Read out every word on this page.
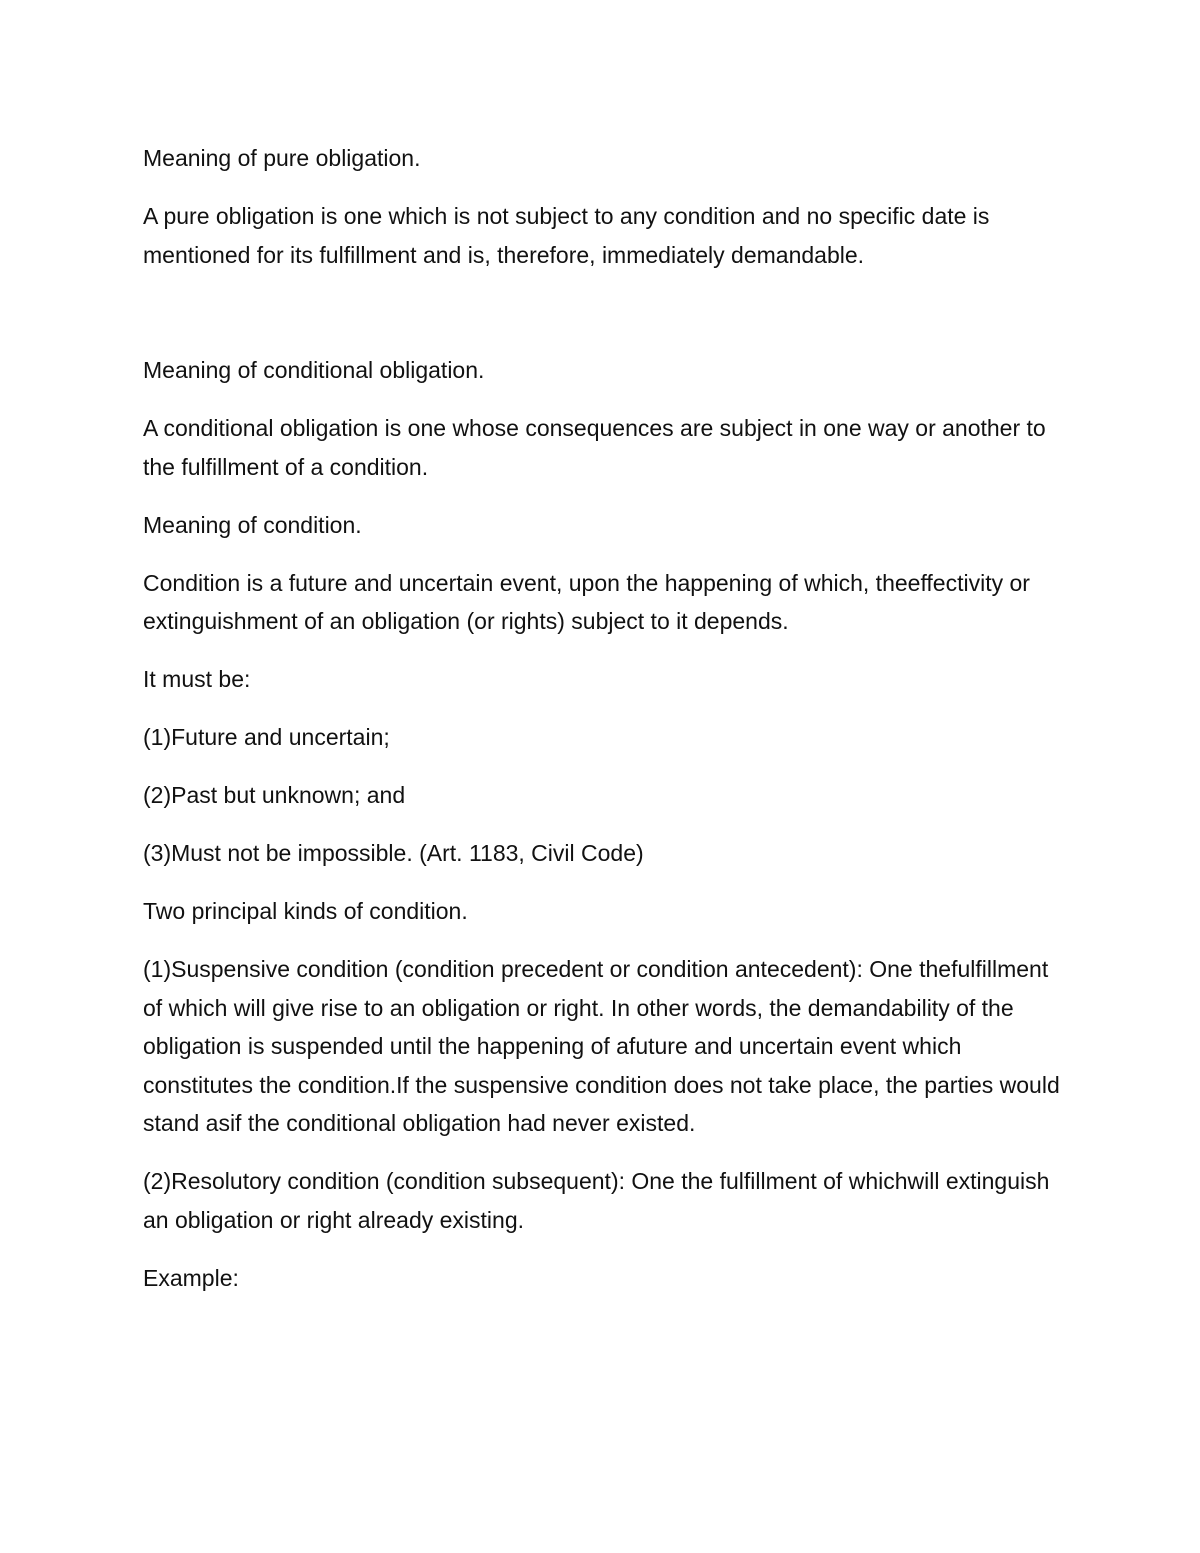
Meaning of pure obligation.

A pure obligation is one which is not subject to any condition and no specific date is mentioned for its fulfillment and is, therefore, immediately demandable.

Meaning of conditional obligation.

A conditional obligation is one whose consequences are subject in one way or another to the fulfillment of a condition.

Meaning of condition.

Condition is a future and uncertain event, upon the happening of which, theeffectivity or extinguishment of an obligation (or rights) subject to it depends.

It must be:

(1)Future and uncertain;

(2)Past but unknown; and

(3)Must not be impossible. (Art. 1183, Civil Code)

Two principal kinds of condition.

(1)Suspensive condition (condition precedent or condition antecedent): One thefulfillment of which will give rise to an obligation or right. In other words, the demandability of the obligation is suspended until the happening of afuture and uncertain event which constitutes the condition.If the suspensive condition does not take place, the parties would stand asif the conditional obligation had never existed.

(2)Resolutory condition (condition subsequent): One the fulfillment of whichwill extinguish an obligation or right already existing.

Example:
